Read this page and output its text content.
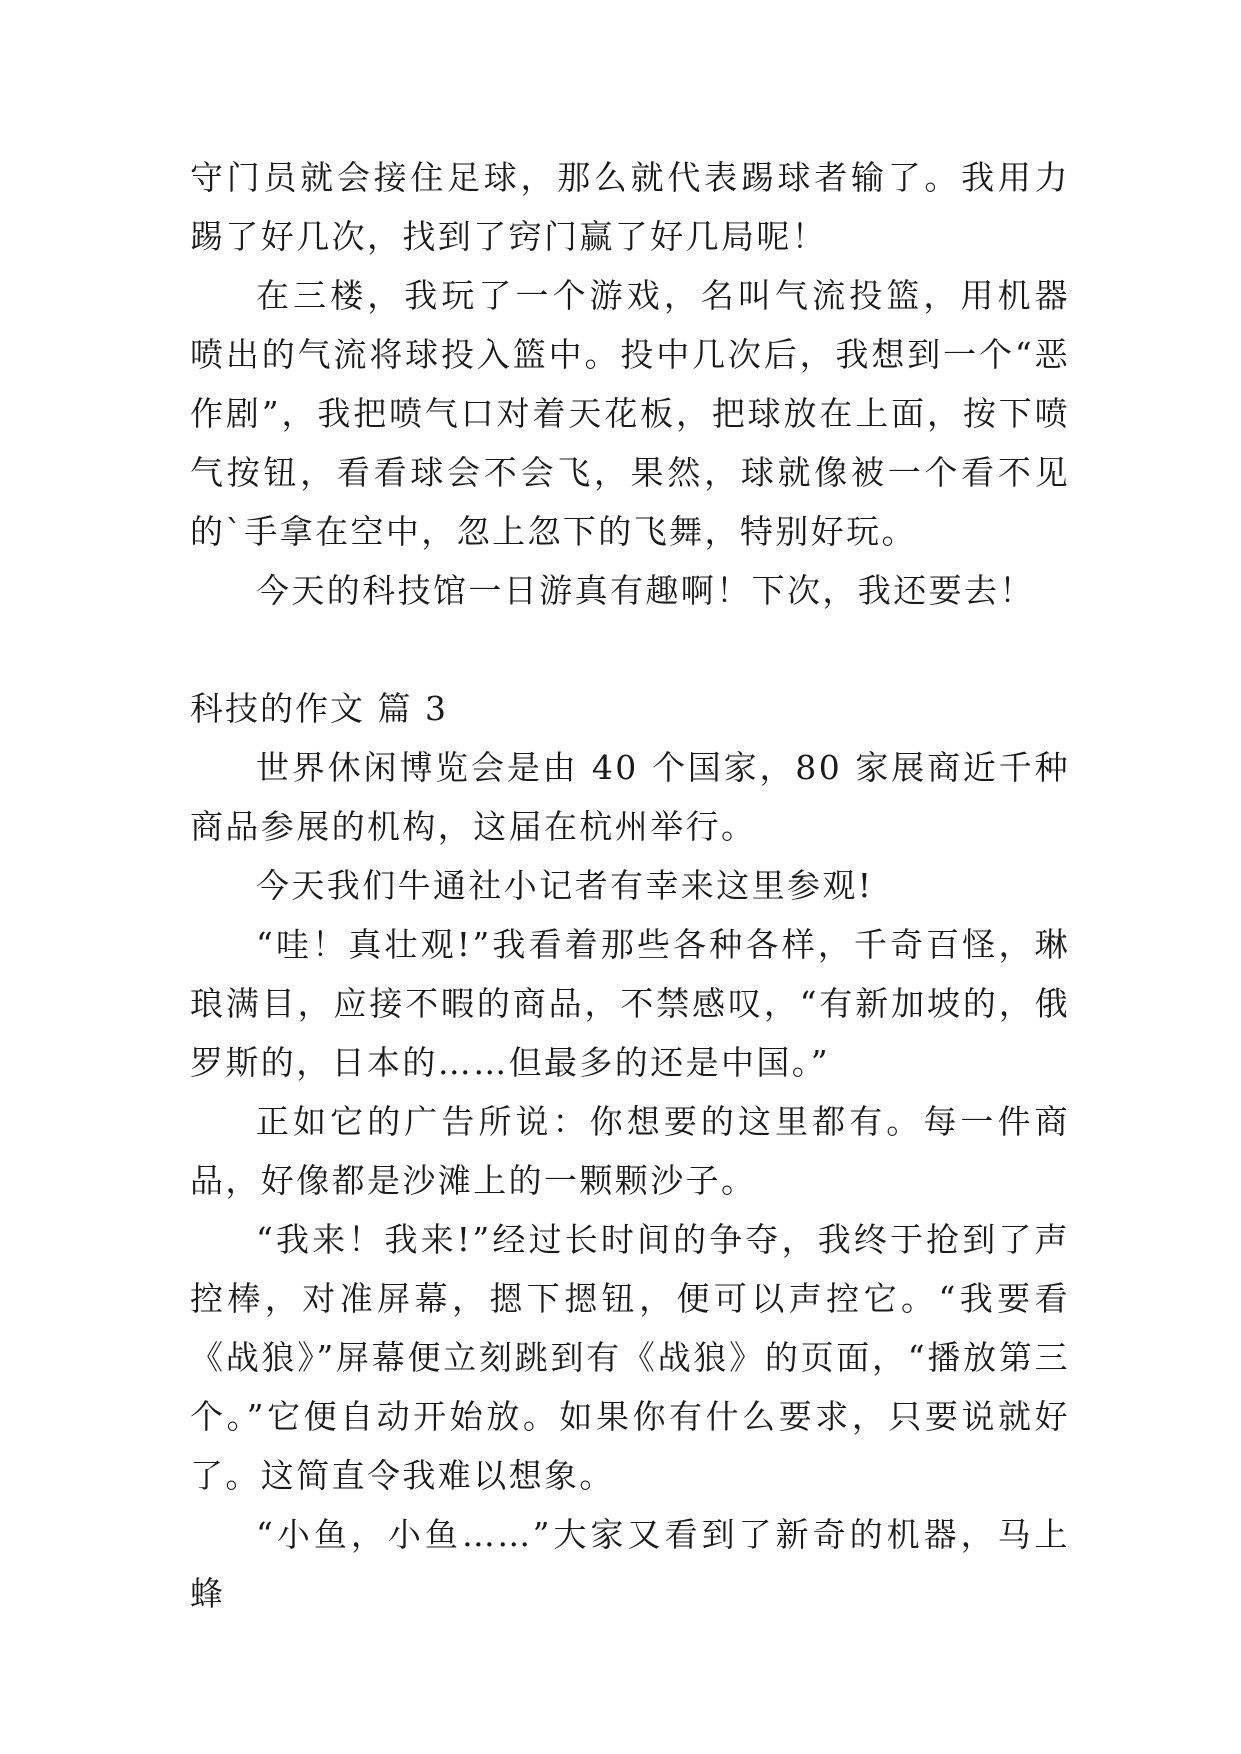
守门员就会接住足球，那么就代表踢球者输了。我用力踢了好几次，找到了窍门赢了好几局呢！

在三楼，我玩了一个游戏，名叫气流投篮，用机器喷出的气流将球投入篮中。投中几次后，我想到一个“恶作剧”，我把喷气口对着天花板，把球放在上面，按下喷气按钮，看看球会不会飞，果然，球就像被一个看不见的`手拿在空中，忽上忽下的飞舞，特别好玩。

今天的科技馆一日游真有趣啊！下次，我还要去！

科技的作文 篇 3

世界休闲博览会是由 40 个国家，80 家展商近千种商品参展的机构，这届在杭州举行。

今天我们牛通社小记者有幸来这里参观!

“哇！真壮观!”我看着那些各种各样，千奇百怪，琳琅满目，应接不暇的商品，不禁感叹，“有新加坡的，俄罗斯的，日本的……但最多的还是中国。”

正如它的广告所说：你想要的这里都有。每一件商品，好像都是沙滩上的一颗颗沙子。

“我来！我来!”经过长时间的争夺，我终于抢到了声控棒，对准屏幕，摁下摁钮，便可以声控它。“我要看《战狼》”屏幕便立刻跳到有《战狼》的页面，“播放第三个。”它便自动开始放。如果你有什么要求，只要说就好了。这简直令我难以想象。

“小鱼，小鱼……”大家又看到了新奇的机器，马上蜂
